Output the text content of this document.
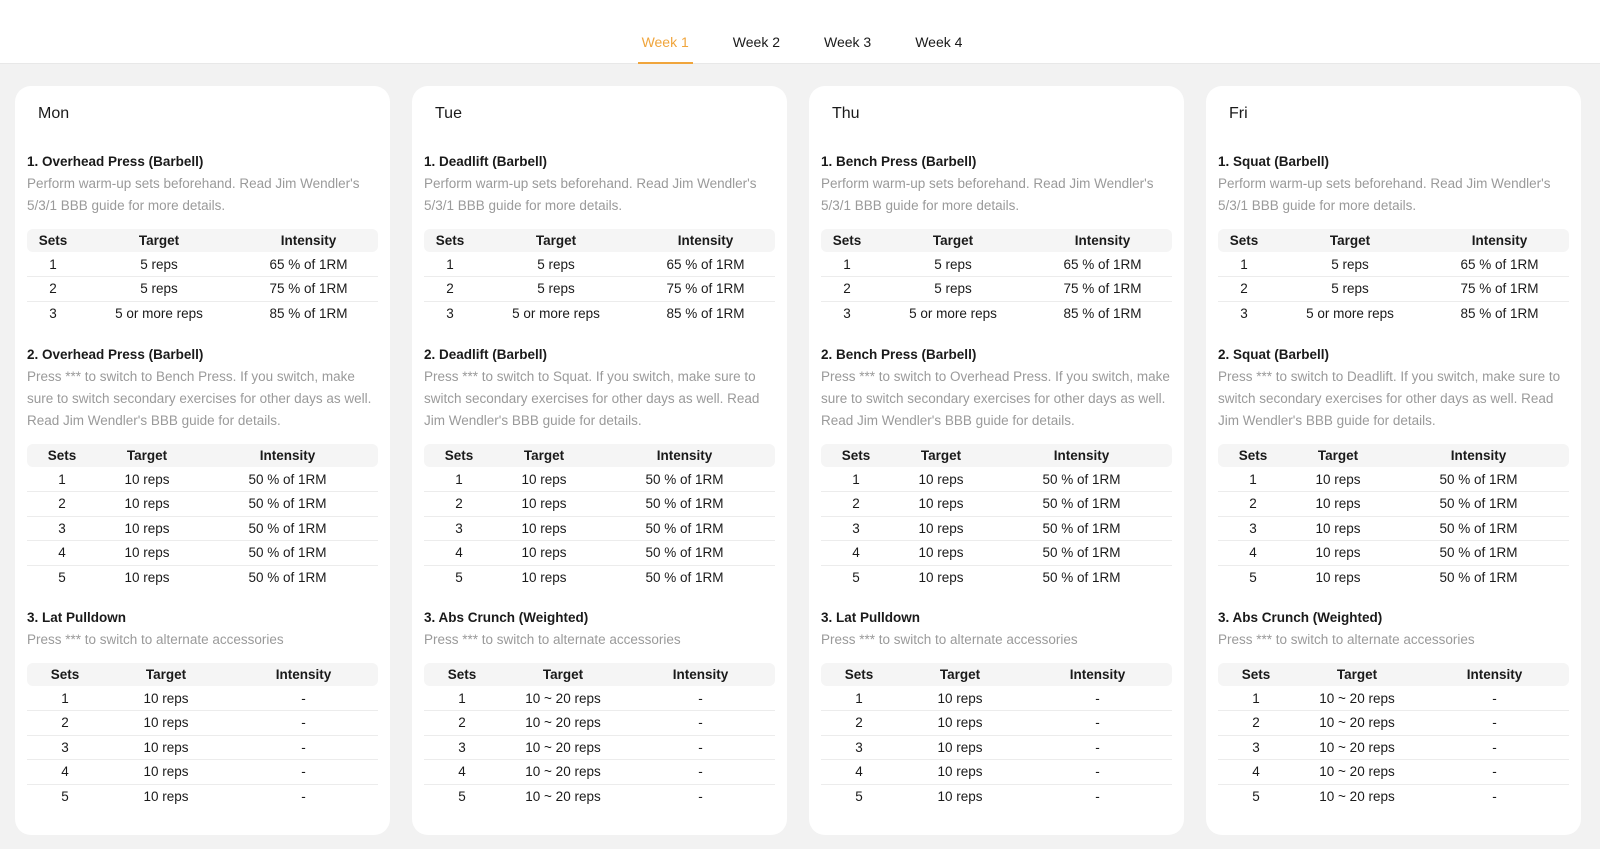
Week 1	Week 2	Week 3	Week 4
Mon
1. Overhead Press (Barbell)
Perform warm-up sets beforehand. Read Jim Wendler's 5/3/1 BBB guide for more details.
Sets	Target	Intensity
1	5 reps	65 % of 1RM
2	5 reps	75 % of 1RM
3	5 or more reps	85 % of 1RM
2. Overhead Press (Barbell)
Press *** to switch to Bench Press. If you switch, make sure to switch secondary exercises for other days as well. Read Jim Wendler's BBB guide for details.
Sets	Target	Intensity
1	10 reps	50 % of 1RM
2	10 reps	50 % of 1RM
3	10 reps	50 % of 1RM
4	10 reps	50 % of 1RM
5	10 reps	50 % of 1RM
3. Lat Pulldown
Press *** to switch to alternate accessories
Sets	Target	Intensity
1	10 reps	-
2	10 reps	-
3	10 reps	-
4	10 reps	-
5	10 reps	-
Tue
1. Deadlift (Barbell)
Perform warm-up sets beforehand. Read Jim Wendler's 5/3/1 BBB guide for more details.
Sets	Target	Intensity
1	5 reps	65 % of 1RM
2	5 reps	75 % of 1RM
3	5 or more reps	85 % of 1RM
2. Deadlift (Barbell)
Press *** to switch to Squat. If you switch, make sure to switch secondary exercises for other days as well. Read Jim Wendler's BBB guide for details.
Sets	Target	Intensity
1	10 reps	50 % of 1RM
2	10 reps	50 % of 1RM
3	10 reps	50 % of 1RM
4	10 reps	50 % of 1RM
5	10 reps	50 % of 1RM
3. Abs Crunch (Weighted)
Press *** to switch to alternate accessories
Sets	Target	Intensity
1	10 ~ 20 reps	-
2	10 ~ 20 reps	-
3	10 ~ 20 reps	-
4	10 ~ 20 reps	-
5	10 ~ 20 reps	-
Thu
1. Bench Press (Barbell)
Perform warm-up sets beforehand. Read Jim Wendler's 5/3/1 BBB guide for more details.
Sets	Target	Intensity
1	5 reps	65 % of 1RM
2	5 reps	75 % of 1RM
3	5 or more reps	85 % of 1RM
2. Bench Press (Barbell)
Press *** to switch to Overhead Press. If you switch, make sure to switch secondary exercises for other days as well. Read Jim Wendler's BBB guide for details.
Sets	Target	Intensity
1	10 reps	50 % of 1RM
2	10 reps	50 % of 1RM
3	10 reps	50 % of 1RM
4	10 reps	50 % of 1RM
5	10 reps	50 % of 1RM
3. Lat Pulldown
Press *** to switch to alternate accessories
Sets	Target	Intensity
1	10 reps	-
2	10 reps	-
3	10 reps	-
4	10 reps	-
5	10 reps	-
Fri
1. Squat (Barbell)
Perform warm-up sets beforehand. Read Jim Wendler's 5/3/1 BBB guide for more details.
Sets	Target	Intensity
1	5 reps	65 % of 1RM
2	5 reps	75 % of 1RM
3	5 or more reps	85 % of 1RM
2. Squat (Barbell)
Press *** to switch to Deadlift. If you switch, make sure to switch secondary exercises for other days as well. Read Jim Wendler's BBB guide for details.
Sets	Target	Intensity
1	10 reps	50 % of 1RM
2	10 reps	50 % of 1RM
3	10 reps	50 % of 1RM
4	10 reps	50 % of 1RM
5	10 reps	50 % of 1RM
3. Abs Crunch (Weighted)
Press *** to switch to alternate accessories
Sets	Target	Intensity
1	10 ~ 20 reps	-
2	10 ~ 20 reps	-
3	10 ~ 20 reps	-
4	10 ~ 20 reps	-
5	10 ~ 20 reps	-
